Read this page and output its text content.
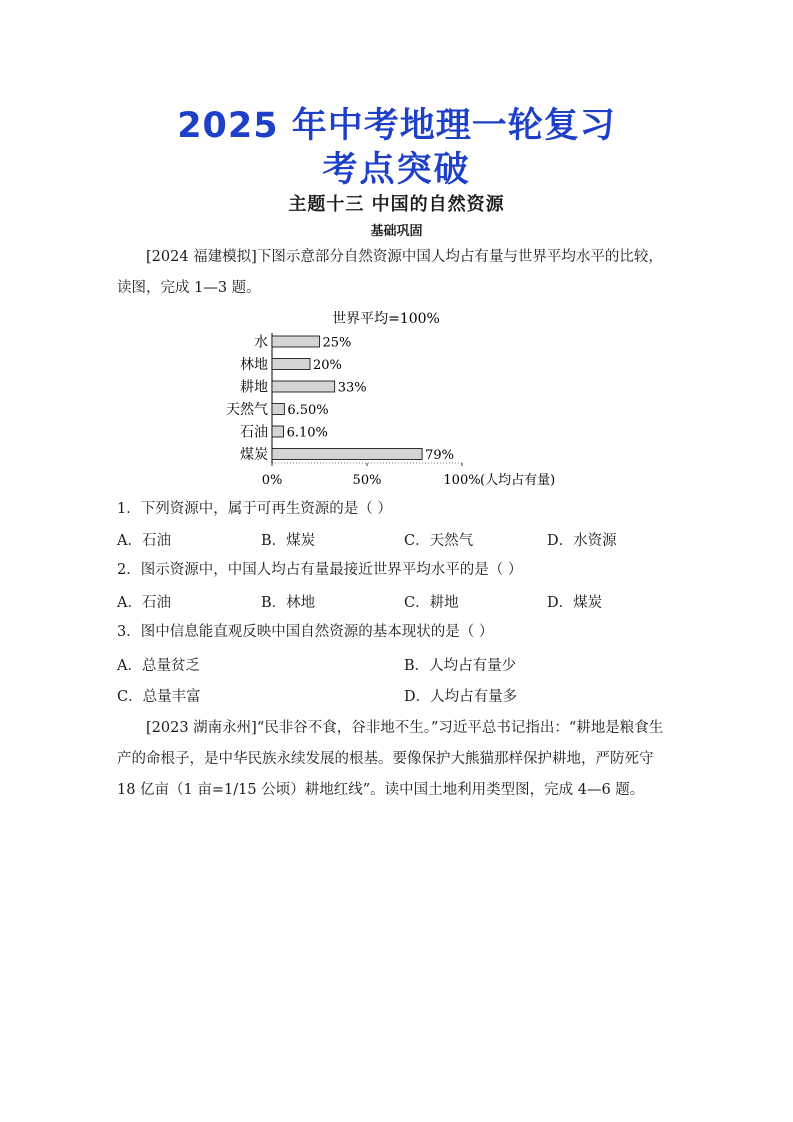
2025 年中考地理一轮复习
考点突破
主题十三 中国的自然资源
基础巩固

[2024 福建模拟]下图示意部分自然资源中国人均占有量与世界平均水平的比较，读图，完成 1—3 题。

世界平均=100%
水	25%
林地	20%
耕地	33%
天然气 6.50%
石油 6.10%
煤炭	79%
0%	50%	100% (人均占有量)
1．下列资源中，属于可再生资源的是（ ）
A．石油	B．煤炭	C．天然气	D．水资源
2．图示资源中，中国人均占有量最接近世界平均水平的是（ ）
A．石油	B．林地	C．耕地	D．煤炭
3．图中信息能直观反映中国自然资源的基本现状的是（ ）
A．总量贫乏	B．人均占有量少
C．总量丰富	D．人均占有量多

[2023 湖南永州]“民非谷不食，谷非地不生。”习近平总书记指出：“耕地是粮食生产的命根子，是中华民族永续发展的根基。要像保护大熊猫那样保护耕地，严防死守 18 亿亩（1 亩=1/15 公顷）耕地红线”。读中国土地利用类型图，完成 4—6 题。
